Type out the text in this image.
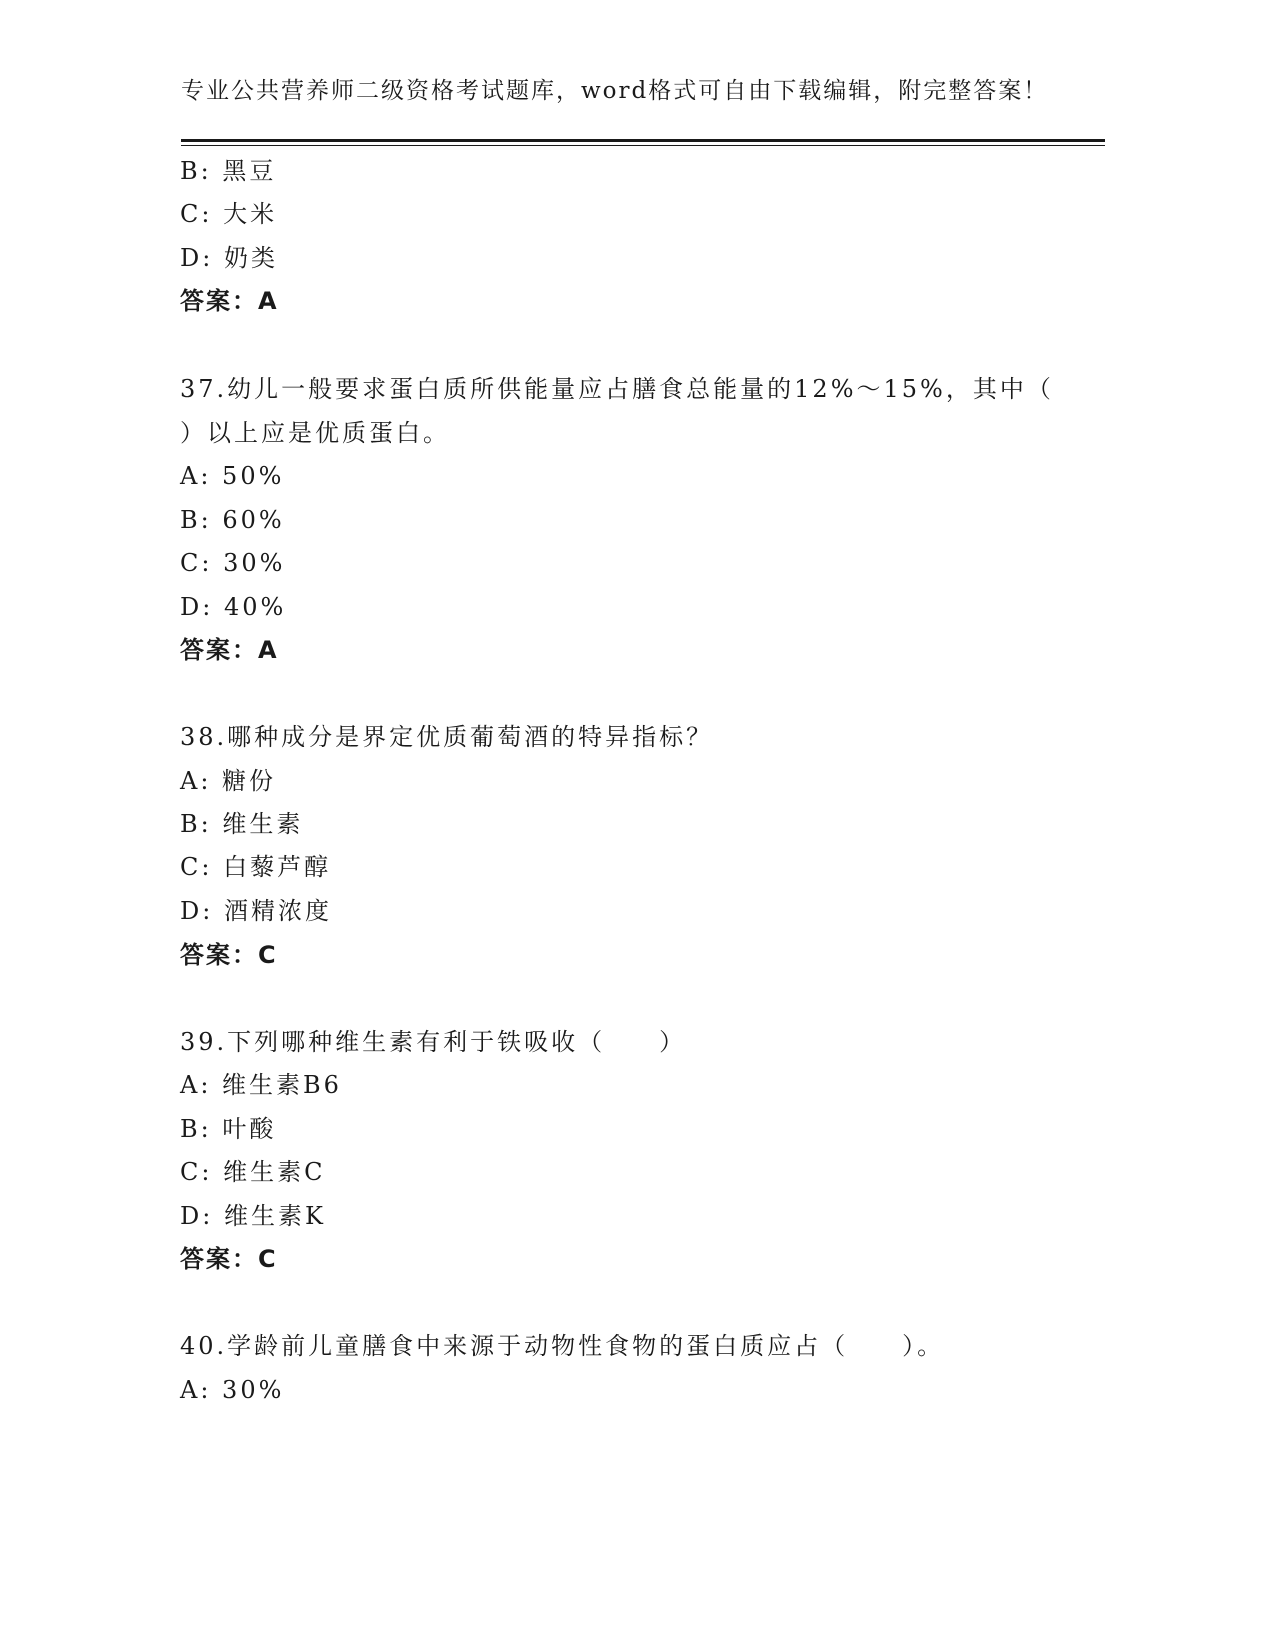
专业公共营养师二级资格考试题库，word格式可自由下载编辑，附完整答案！
B: 黑豆
C: 大米
D: 奶类
答案：A
37.幼儿一般要求蛋白质所供能量应占膳食总能量的12%～15%，其中（
）以上应是优质蛋白。
A: 50%
B: 60%
C: 30%
D: 40%
答案：A
38.哪种成分是界定优质葡萄酒的特异指标？
A: 糖份
B: 维生素
C: 白藜芦醇
D: 酒精浓度
答案：C
39.下列哪种维生素有利于铁吸收（　　）
A: 维生素B6
B: 叶酸
C: 维生素C
D: 维生素K
答案：C
40.学龄前儿童膳食中来源于动物性食物的蛋白质应占（　　）。
A: 30%
